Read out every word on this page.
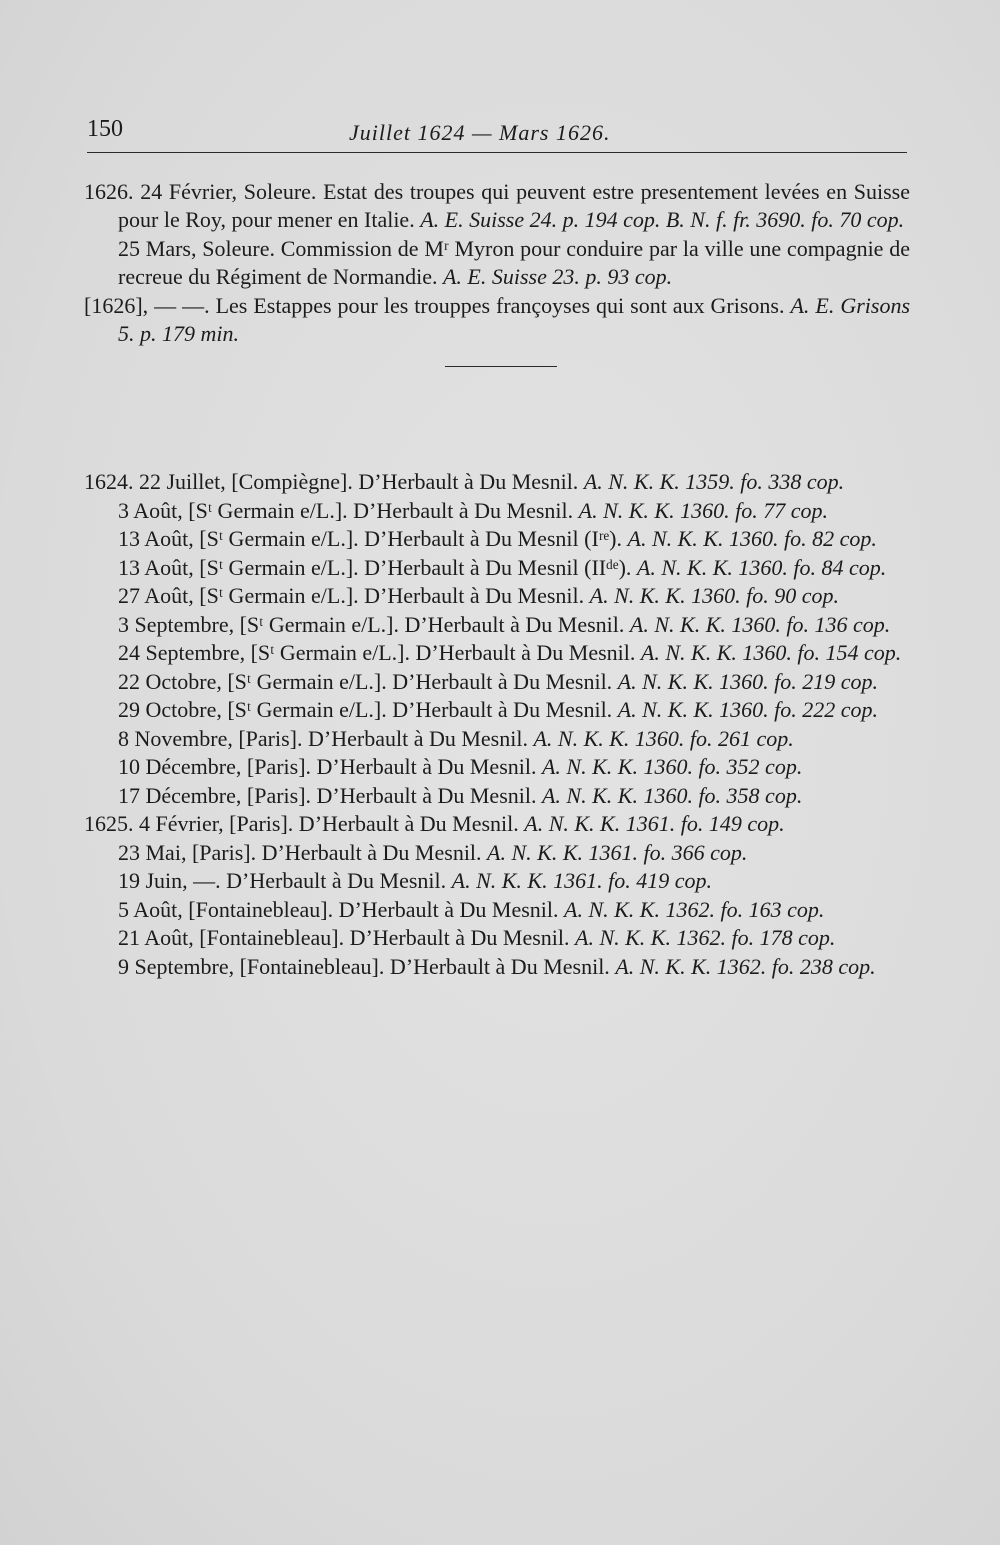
150	Juillet 1624 — Mars 1626.

1626. 24 Février, Soleure. Estat des troupes qui peuvent estre presentement levées en Suisse pour le Roy, pour mener en Italie. A. E. Suisse 24. p. 194 cop. B. N. f. fr. 3690. fo. 70 cop.

25 Mars, Soleure. Commission de Mʳ Myron pour conduire par la ville une compagnie de recreue du Régiment de Normandie. A. E. Suisse 23. p. 93 cop.

[1626], — —. Les Estappes pour les trouppes françoyses qui sont aux Grisons. A. E. Grisons 5. p. 179 min.

1624. 22 Juillet, [Compiègne]. D’Herbault à Du Mesnil. A. N. K. K. 1359. fo. 338 cop.

3 Août, [Sᵗ Germain e/L.]. D’Herbault à Du Mesnil. A. N. K. K. 1360. fo. 77 cop.

13 Août, [Sᵗ Germain e/L.]. D’Herbault à Du Mesnil (Iʳᵉ). A. N. K. K. 1360. fo. 82 cop.

13 Août, [Sᵗ Germain e/L.]. D’Herbault à Du Mesnil (IIᵈᵉ). A. N. K. K. 1360. fo. 84 cop.

27 Août, [Sᵗ Germain e/L.]. D’Herbault à Du Mesnil. A. N. K. K. 1360. fo. 90 cop.

3 Septembre, [Sᵗ Germain e/L.]. D’Herbault à Du Mesnil. A. N. K. K. 1360. fo. 136 cop.

24 Septembre, [Sᵗ Germain e/L.]. D’Herbault à Du Mesnil. A. N. K. K. 1360. fo. 154 cop.

22 Octobre, [Sᵗ Germain e/L.]. D’Herbault à Du Mesnil. A. N. K. K. 1360. fo. 219 cop.

29 Octobre, [Sᵗ Germain e/L.]. D’Herbault à Du Mesnil. A. N. K. K. 1360. fo. 222 cop.

8 Novembre, [Paris]. D’Herbault à Du Mesnil. A. N. K. K. 1360. fo. 261 cop.

10 Décembre, [Paris]. D’Herbault à Du Mesnil. A. N. K. K. 1360. fo. 352 cop.

17 Décembre, [Paris]. D’Herbault à Du Mesnil. A. N. K. K. 1360. fo. 358 cop.

1625. 4 Février, [Paris]. D’Herbault à Du Mesnil. A. N. K. K. 1361. fo. 149 cop.

23 Mai, [Paris]. D’Herbault à Du Mesnil. A. N. K. K. 1361. fo. 366 cop.

19 Juin, —. D’Herbault à Du Mesnil. A. N. K. K. 1361. fo. 419 cop.

5 Août, [Fontainebleau]. D’Herbault à Du Mesnil. A. N. K. K. 1362. fo. 163 cop.

21 Août, [Fontainebleau]. D’Herbault à Du Mesnil. A. N. K. K. 1362. fo. 178 cop.

9 Septembre, [Fontainebleau]. D’Herbault à Du Mesnil. A. N. K. K. 1362. fo. 238 cop.
